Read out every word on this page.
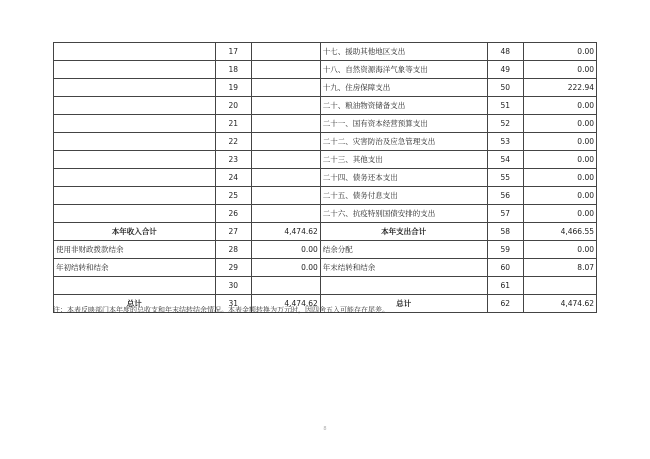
	17		十七、援助其他地区支出	48	0.00
	18		十八、自然资源海洋气象等支出	49	0.00
	19		十九、住房保障支出	50	222.94
	20		二十、粮油物资储备支出	51	0.00
	21		二十一、国有资本经营预算支出	52	0.00
	22		二十二、灾害防治及应急管理支出	53	0.00
	23		二十三、其他支出	54	0.00
	24		二十四、债务还本支出	55	0.00
	25		二十五、债务付息支出	56	0.00
	26		二十六、抗疫特别国债安排的支出	57	0.00
本年收入合计	27	4,474.62	本年支出合计	58	4,466.55
使用非财政拨款结余	28	0.00	结余分配	59	0.00
年初结转和结余	29	0.00	年末结转和结余	60	8.07
	30			61	
总计	31	4,474.62	总计	62	4,474.62
注：本表反映部门本年度的总收支和年末结转结余情况。本表金额转换为万元时，因四舍五入可能存在尾差。
8
